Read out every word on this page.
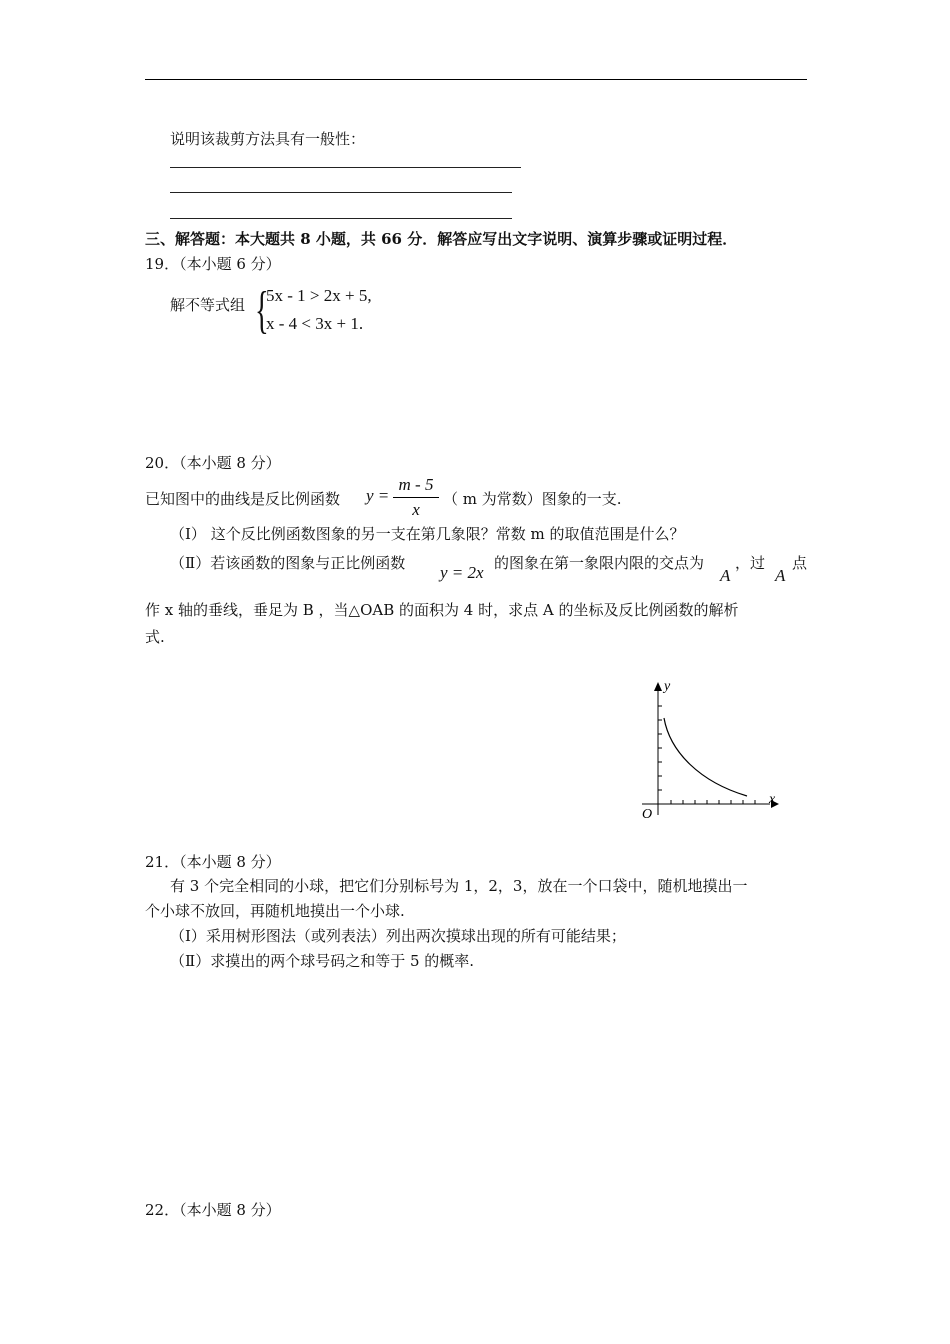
说明该裁剪方法具有一般性：
三、解答题：本大题共 8 小题，共 66 分．解答应写出文字说明、演算步骤或证明过程．
19．（本小题 6 分）
解不等式组 {
5x - 1 > 2x + 5,
x - 4 < 3x + 1.
20．（本小题 8 分）
已知图中的曲线是反比例函数 y =
m - 5
x
（ m 为常数）图象的一支.
（Ⅰ） 这个反比例函数图象的另一支在第几象限？常数 m 的取值范围是什么？
（Ⅱ）若该函数的图象与正比例函数 y = 2x 的图象在第一象限内限的交点为
A
，过
A
点
作 x 轴的垂线，垂足为 B ，当△OAB 的面积为 4 时，求点 A 的坐标及反比例函数的解析
式.
y
x
O
21．（本小题 8 分）
有 3 个完全相同的小球，把它们分别标号为 1，2，3，放在一个口袋中，随机地摸出一
个小球不放回，再随机地摸出一个小球.
（Ⅰ）采用树形图法（或列表法）列出两次摸球出现的所有可能结果；
（Ⅱ）求摸出的两个球号码之和等于 5 的概率.
22．（本小题 8 分）
